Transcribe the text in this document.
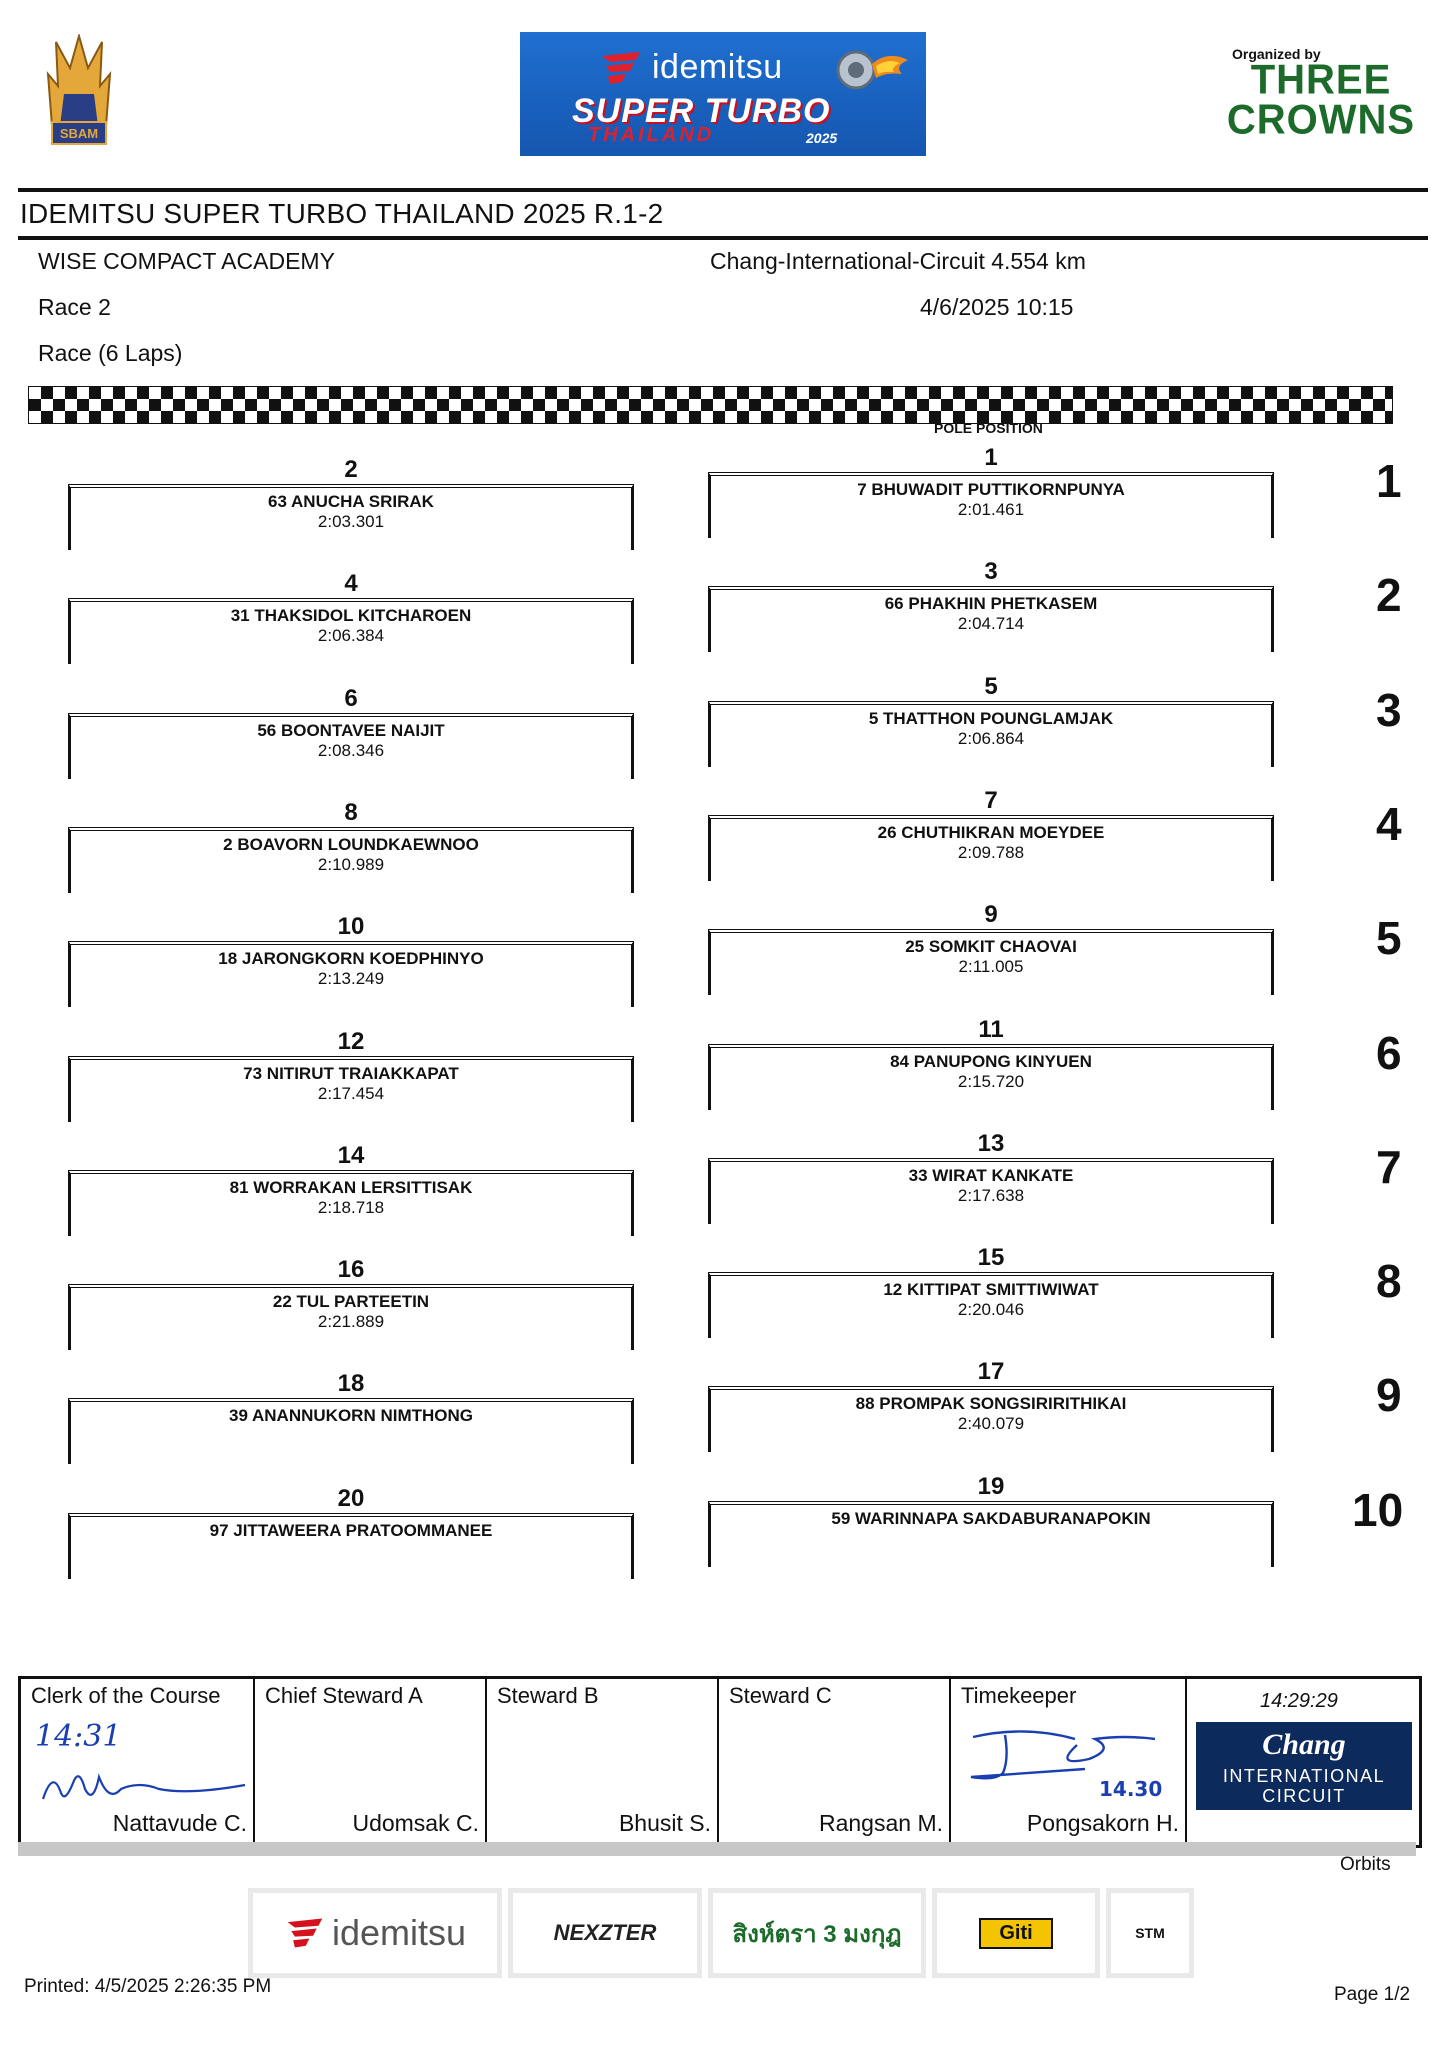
SBAM
idemitsu
SUPER TURBO
THAILAND	2025
Organized by
THREE
CROWNS
IDEMITSU SUPER TURBO THAILAND 2025 R.1-2
WISE COMPACT ACADEMY	Chang-International-Circuit 4.554 km
Race 2	4/6/2025 10:15
Race (6 Laps)
POLE POSITION
1
7 BHUWADIT PUTTIKORNPUNYA
2:01.461
3
66 PHAKHIN PHETKASEM
2:04.714
5
5 THATTHON POUNGLAMJAK
2:06.864
7
26 CHUTHIKRAN MOEYDEE
2:09.788
9
25 SOMKIT CHAOVAI
2:11.005
11
84 PANUPONG KINYUEN
2:15.720
13
33 WIRAT KANKATE
2:17.638
15
12 KITTIPAT SMITTIWIWAT
2:20.046
17
88 PROMPAK SONGSIRIRITHIKAI
2:40.079
19
59 WARINNAPA SAKDABURANAPOKIN
2
63 ANUCHA SRIRAK
2:03.301
4
31 THAKSIDOL KITCHAROEN
2:06.384
6
56 BOONTAVEE NAIJIT
2:08.346
8
2 BOAVORN LOUNDKAEWNOO
2:10.989
10
18 JARONGKORN KOEDPHINYO
2:13.249
12
73 NITIRUT TRAIAKKAPAT
2:17.454
14
81 WORRAKAN LERSITTISAK
2:18.718
16
22 TUL PARTEETIN
2:21.889
18
39 ANANNUKORN NIMTHONG
20
97 JITTAWEERA PRATOOMMANEE
1
2
3
4
5
6
7
8
9
10
Clerk of the Course
14:31
Nattavude C.
Chief Steward A
Udomsak C.
Steward B
Bhusit S.
Steward C
Rangsan M.
Timekeeper
14.30
Pongsakorn H.
14:29:29
Chang
INTERNATIONAL
CIRCUIT
Orbits
idemitsu	NEXZTER	สิงห์ตรา 3 มงกุฎ	Giti	STM
Printed: 4/5/2025 2:26:35 PM	Page 1/2
